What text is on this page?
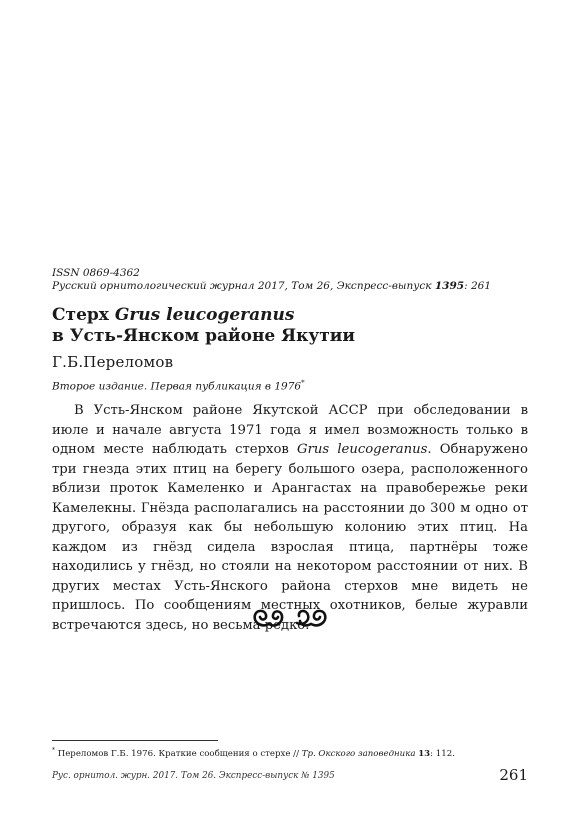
ISSN 0869-4362
Русский орнитологический журнал 2017, Том 26, Экспресс-выпуск 1395: 261
Стерх Grus leucogeranus
в Усть-Янском районе Якутии
Г.Б.Переломов
Второе издание. Первая публикация в 1976*
В Усть-Янском районе Якутской АССР при обследовании в июле и начале августа 1971 года я имел возможность только в одном месте наблюдать стерхов Grus leucogeranus. Обнаружено три гнезда этих птиц на берегу большого озера, расположенного вблизи проток Камеленко и Арангастах на правобережье реки Камелекны. Гнёзда располагались на расстоянии до 300 м одно от другого, образуя как бы небольшую колонию этих птиц. На каждом из гнёзд сидела взрослая птица, партнёры тоже находились у гнёзд, но стояли на некотором расстоянии от них. В других местах Усть-Янского района стерхов мне видеть не пришлось. По сообщениям местных охотников, белые журавли встречаются здесь, но весьма редко.
* Переломов Г.Б. 1976. Краткие сообщения о стерхе // Тр. Окского заповедника 13: 112.
Рус. орнитол. журн. 2017. Том 26. Экспресс-выпуск № 1395	261
